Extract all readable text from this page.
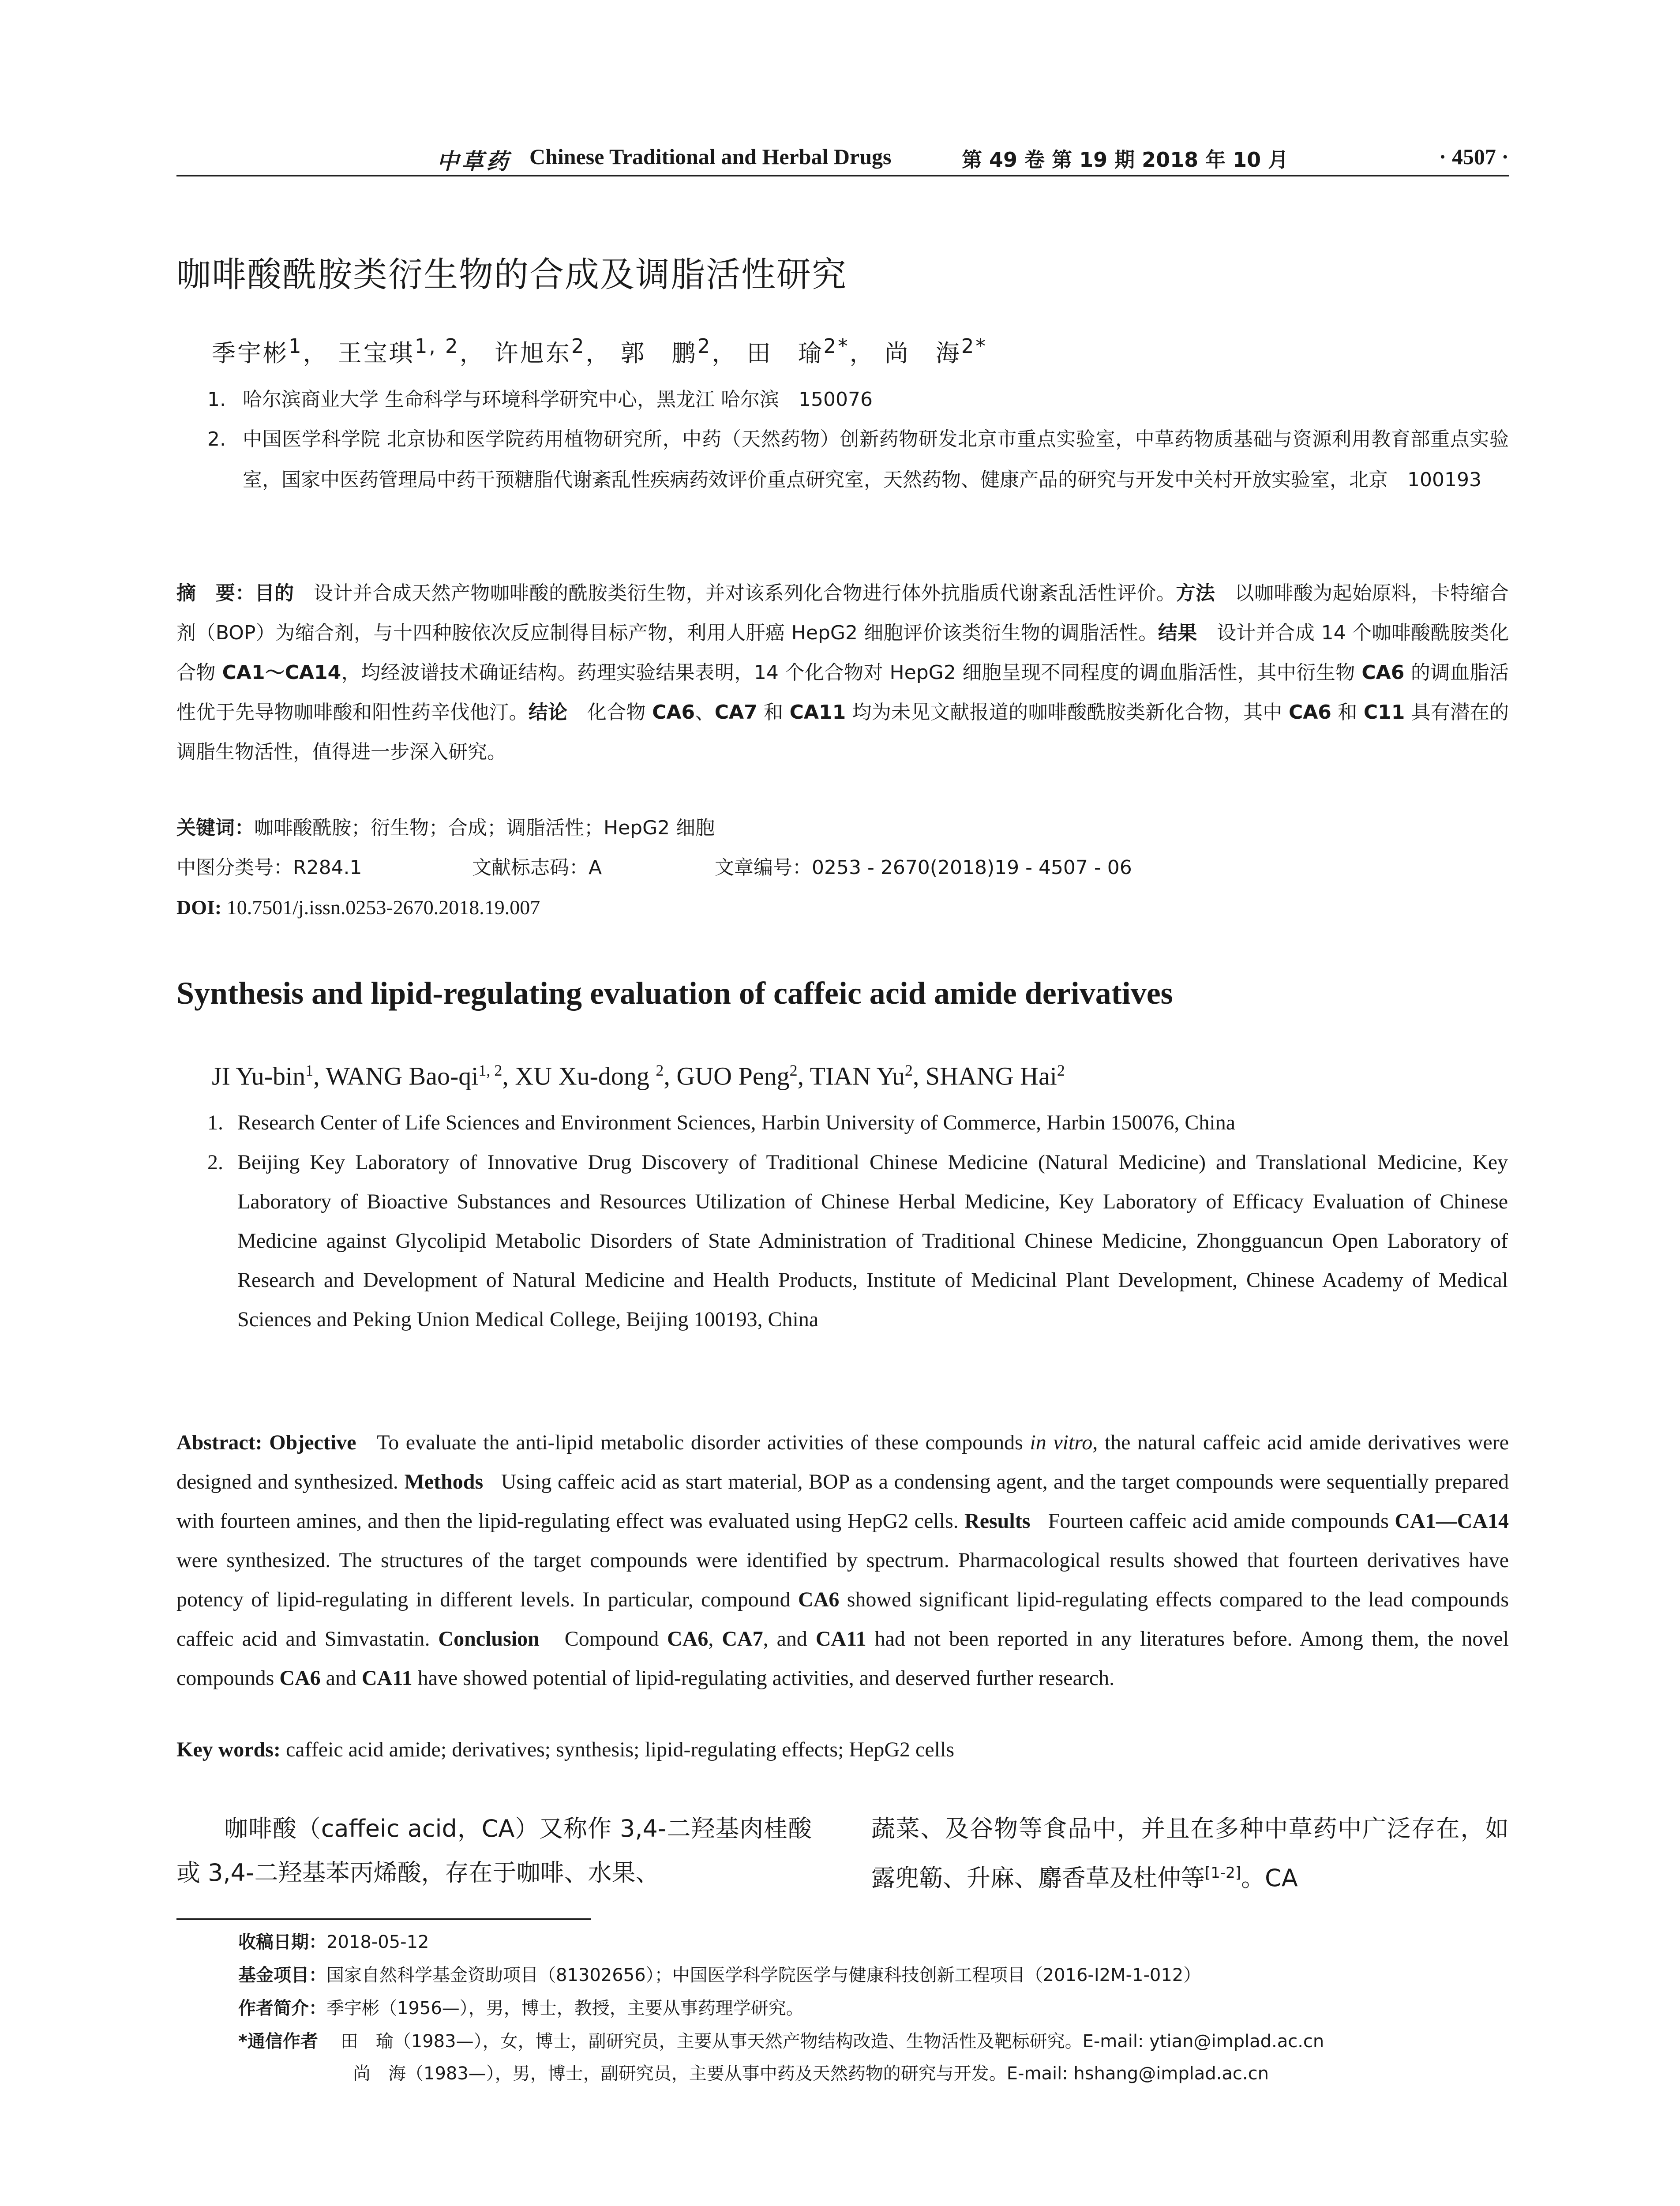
中草药 Chinese Traditional and Herbal Drugs	第 49 卷 第 19 期 2018 年 10 月	· 4507 ·
咖啡酸酰胺类衍生物的合成及调脂活性研究
季宇彬$^1$， 王宝琪$^{1, 2}$， 许旭东$^2$， 郭　鹏$^2$， 田　瑜$^{2*}$， 尚　海$^{2*}$
1. 哈尔滨商业大学 生命科学与环境科学研究中心，黑龙江 哈尔滨　150076
2. 中国医学科学院 北京协和医学院药用植物研究所，中药（天然药物）创新药物研发北京市重点实验室，中草药物质基础与资源利用教育部重点实验室，国家中医药管理局中药干预糖脂代谢紊乱性疾病药效评价重点研究室，天然药物、健康产品的研究与开发中关村开放实验室，北京　100193
摘　要：目的　 设计并合成天然产物咖啡酸的酰胺类衍生物，并对该系列化合物进行体外抗脂质代谢紊乱活性评价。方法　 以咖啡酸为起始原料，卡特缩合剂（BOP）为缩合剂，与十四种胺依次反应制得目标产物，利用人肝癌 HepG2 细胞评价该类衍生物的调脂活性。结果　 设计并合成 14 个咖啡酸酰胺类化合物 CA1～CA14，均经波谱技术确证结构。药理实验结果表明，14 个化合物对 HepG2 细胞呈现不同程度的调血脂活性，其中衍生物 CA6 的调血脂活性优于先导物咖啡酸和阳性药辛伐他汀。结论　 化合物 CA6、CA7 和 CA11 均为未见文献报道的咖啡酸酰胺类新化合物，其中 CA6 和 C11 具有潜在的调脂生物活性，值得进一步深入研究。
关键词：咖啡酸酰胺；衍生物；合成；调脂活性；HepG2 细胞
中图分类号：R284.1	文献标志码：A	文章编号：0253 - 2670(2018)19 - 4507 - 06
DOI: 10.7501/j.issn.0253-2670.2018.19.007
Synthesis and lipid-regulating evaluation of caffeic acid amide derivatives
JI Yu-bin$^1$, WANG Bao-qi$^{1, 2}$, XU Xu-dong $^2$, GUO Peng$^2$, TIAN Yu$^2$, SHANG Hai$^2$
1. Research Center of Life Sciences and Environment Sciences, Harbin University of Commerce, Harbin 150076, China
2. Beijing Key Laboratory of Innovative Drug Discovery of Traditional Chinese Medicine (Natural Medicine) and Translational Medicine, Key Laboratory of Bioactive Substances and Resources Utilization of Chinese Herbal Medicine, Key Laboratory of Efficacy Evaluation of Chinese Medicine against Glycolipid Metabolic Disorders of State Administration of Traditional Chinese Medicine, Zhongguancun Open Laboratory of Research and Development of Natural Medicine and Health Products, Institute of Medicinal Plant Development, Chinese Academy of Medical Sciences and Peking Union Medical College, Beijing 100193, China
Abstract: Objective To evaluate the anti-lipid metabolic disorder activities of these compounds in vitro, the natural caffeic acid amide derivatives were designed and synthesized. Methods Using caffeic acid as start material, BOP as a condensing agent, and the target compounds were sequentially prepared with fourteen amines, and then the lipid-regulating effect was evaluated using HepG2 cells. Results Fourteen caffeic acid amide compounds CA1—CA14 were synthesized. The structures of the target compounds were identified by spectrum. Pharmacological results showed that fourteen derivatives have potency of lipid-regulating in different levels. In particular, compound CA6 showed significant lipid-regulating effects compared to the lead compounds caffeic acid and Simvastatin. Conclusion Compound CA6, CA7, and CA11 had not been reported in any literatures before. Among them, the novel compounds CA6 and CA11 have showed potential of lipid-regulating activities, and deserved further research.
Key words: caffeic acid amide; derivatives; synthesis; lipid-regulating effects; HepG2 cells
咖啡酸（caffeic acid，CA）又称作 3,4-二羟基肉桂酸或 3,4-二羟基苯丙烯酸，存在于咖啡、水果、
蔬菜、及谷物等食品中，并且在多种中草药中广泛存在，如露兜簕、升麻、麝香草及杜仲等[1-2]。CA
收稿日期：2018-05-12
基金项目：国家自然科学基金资助项目（81302656）；中国医学科学院医学与健康科技创新工程项目（2016-I2M-1-012）
作者简介：季宇彬（1956—），男，博士，教授，主要从事药理学研究。
*通信作者 田　瑜（1983—），女，博士，副研究员，主要从事天然产物结构改造、生物活性及靶标研究。E-mail: ytian@implad.ac.cn
尚　海（1983—），男，博士，副研究员，主要从事中药及天然药物的研究与开发。E-mail: hshang@implad.ac.cn
